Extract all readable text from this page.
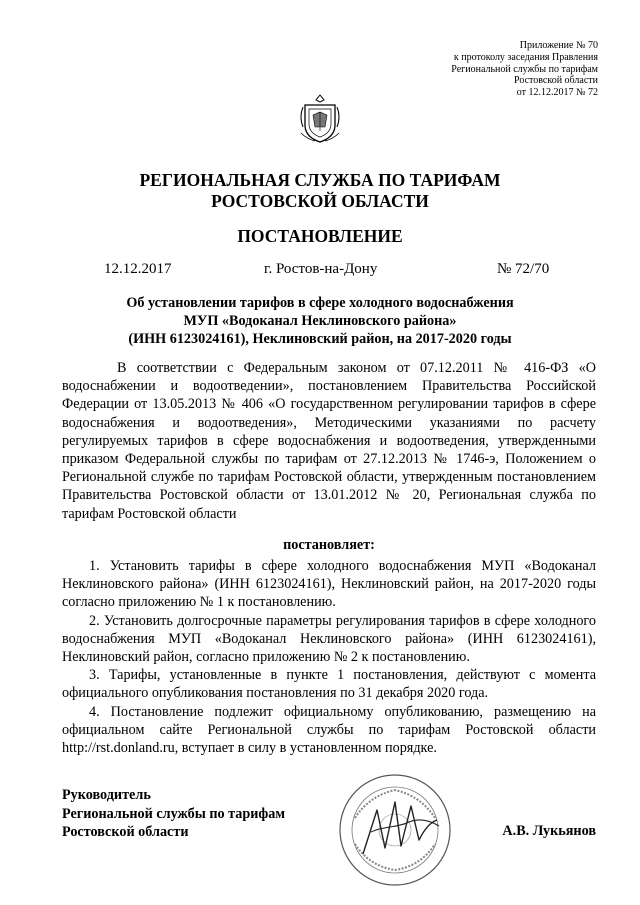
Приложение № 70
к протоколу заседания Правления
Региональной службы по тарифам
Ростовской области
от 12.12.2017 № 72
РЕГИОНАЛЬНАЯ СЛУЖБА ПО ТАРИФАМ
РОСТОВСКОЙ ОБЛАСТИ
ПОСТАНОВЛЕНИЕ
12.12.2017	г. Ростов-на-Дону	№ 72/70
Об установлении тарифов в сфере холодного водоснабжения
МУП «Водоканал Неклиновского района»
(ИНН 6123024161), Неклиновский район, на 2017-2020 годы

В соответствии с Федеральным законом от 07.12.2011 № 416-ФЗ «О водоснабжении и водоотведении», постановлением Правительства Российской Федерации от 13.05.2013 № 406 «О государственном регулировании тарифов в сфере водоснабжения и водоотведения», Методическими указаниями по расчету регулируемых тарифов в сфере водоснабжения и водоотведения, утвержденными приказом Федеральной службы по тарифам от 27.12.2013 № 1746-э, Положением о Региональной службе по тарифам Ростовской области, утвержденным постановлением Правительства Ростовской области от 13.01.2012 № 20, Региональная служба по тарифам Ростовской области

постановляет:

1. Установить тарифы в сфере холодного водоснабжения МУП «Водоканал Неклиновского района» (ИНН 6123024161), Неклиновский район, на 2017-2020 годы согласно приложению № 1 к постановлению.

2. Установить долгосрочные параметры регулирования тарифов в сфере холодного водоснабжения МУП «Водоканал Неклиновского района» (ИНН 6123024161), Неклиновский район, согласно приложению № 2 к постановлению.

3. Тарифы, установленные в пункте 1 постановления, действуют с момента официального опубликования постановления по 31 декабря 2020 года.

4. Постановление подлежит официальному опубликованию, размещению на официальном сайте Региональной службы по тарифам Ростовской области http://rst.donland.ru, вступает в силу в установленном порядке.

Руководитель
Региональной службы по тарифам
Ростовской области	А.В. Лукьянов
